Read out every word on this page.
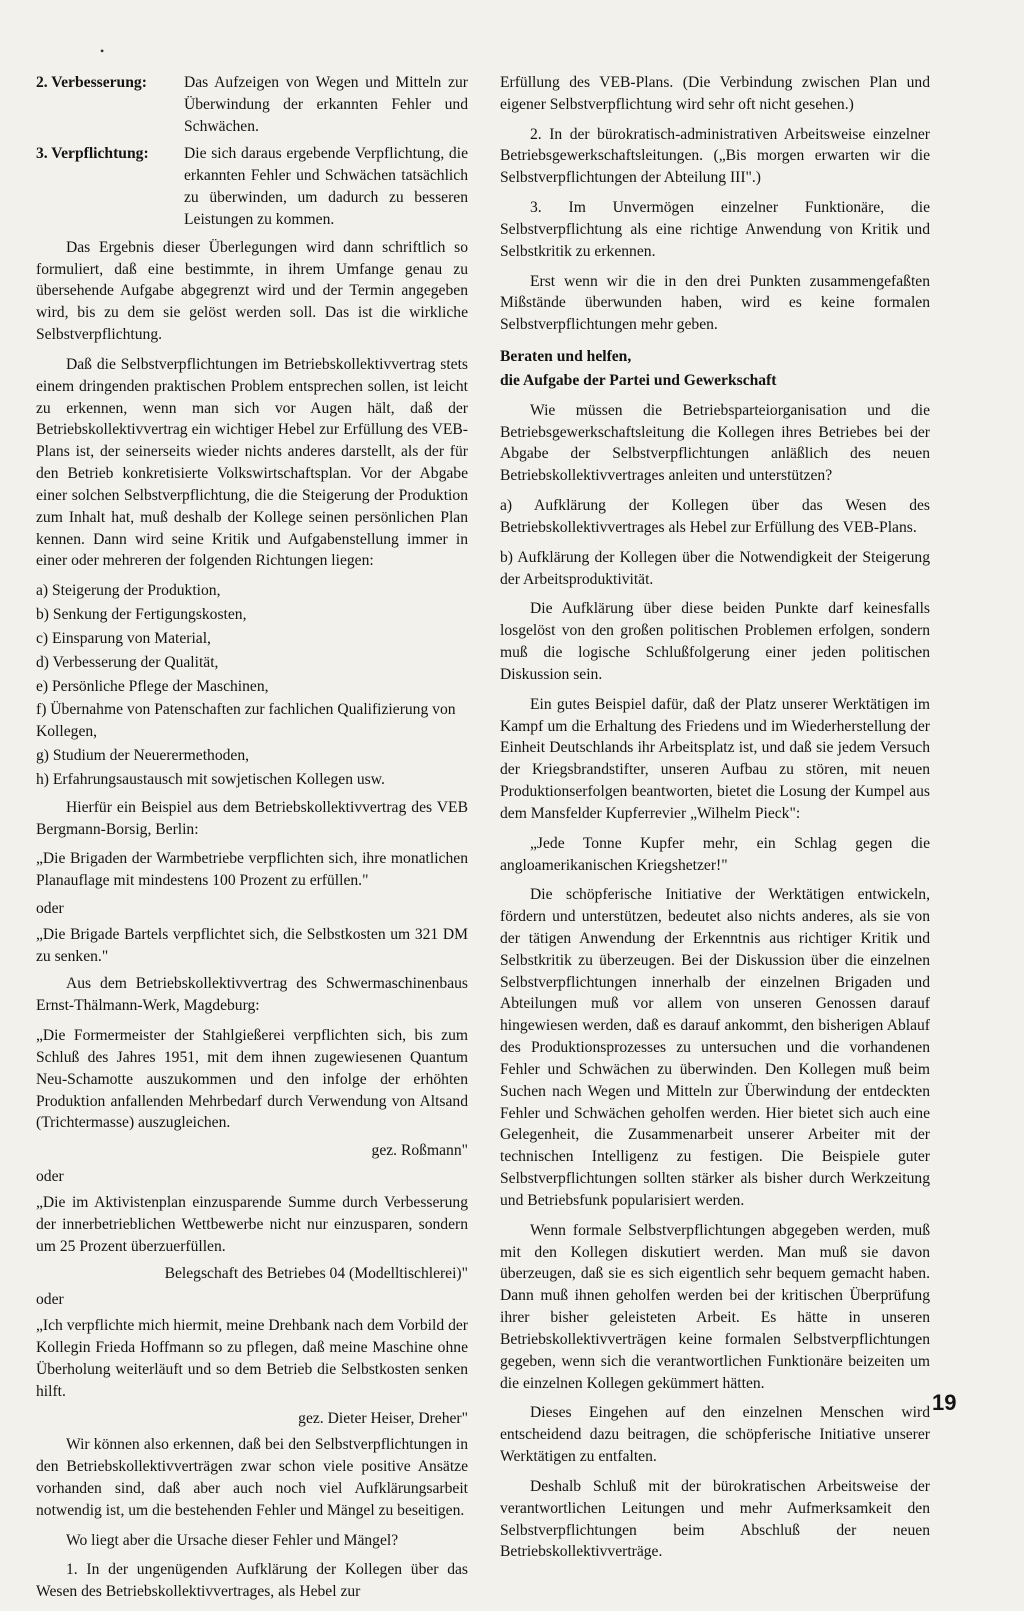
•
2. Verbesserung:	Das Aufzeigen von Wegen und Mitteln zur Überwindung der erkannten Fehler und Schwächen.
3. Verpflichtung:	Die sich daraus ergebende Verpflichtung, die erkannten Fehler und Schwächen tatsächlich zu überwinden, um dadurch zu besseren Leistungen zu kommen.

Das Ergebnis dieser Überlegungen wird dann schriftlich so formuliert, daß eine bestimmte, in ihrem Umfange genau zu übersehende Aufgabe abgegrenzt wird und der Termin angegeben wird, bis zu dem sie gelöst werden soll. Das ist die wirkliche Selbstverpflichtung.

Daß die Selbstverpflichtungen im Betriebskollektivvertrag stets einem dringenden praktischen Problem entsprechen sollen, ist leicht zu erkennen, wenn man sich vor Augen hält, daß der Betriebskollektivvertrag ein wichtiger Hebel zur Erfüllung des VEB-Plans ist, der seinerseits wieder nichts anderes darstellt, als der für den Betrieb konkretisierte Volkswirtschaftsplan. Vor der Abgabe einer solchen Selbstverpflichtung, die die Steigerung der Produktion zum Inhalt hat, muß deshalb der Kollege seinen persönlichen Plan kennen. Dann wird seine Kritik und Aufgabenstellung immer in einer oder mehreren der folgenden Richtungen liegen:

a) Steigerung der Produktion,
b) Senkung der Fertigungskosten,
c) Einsparung von Material,
d) Verbesserung der Qualität,
e) Persönliche Pflege der Maschinen,
f) Übernahme von Patenschaften zur fachlichen Qualifizierung von Kollegen,
g) Studium der Neuerermethoden,
h) Erfahrungsaustausch mit sowjetischen Kollegen usw.

Hierfür ein Beispiel aus dem Betriebskollektivvertrag des VEB Bergmann-Borsig, Berlin:

„Die Brigaden der Warmbetriebe verpflichten sich, ihre monatlichen Planauflage mit mindestens 100 Prozent zu erfüllen."

oder

„Die Brigade Bartels verpflichtet sich, die Selbstkosten um 321 DM zu senken."

Aus dem Betriebskollektivvertrag des Schwermaschinenbaus Ernst-Thälmann-Werk, Magdeburg:

„Die Formermeister der Stahlgießerei verpflichten sich, bis zum Schluß des Jahres 1951, mit dem ihnen zugewiesenen Quantum Neu-Schamotte auszukommen und den infolge der erhöhten Produktion anfallenden Mehrbedarf durch Verwendung von Altsand (Trichtermasse) auszugleichen.

gez. Roßmann"

oder

„Die im Aktivistenplan einzusparende Summe durch Verbesserung der innerbetrieblichen Wettbewerbe nicht nur einzusparen, sondern um 25 Prozent überzuerfüllen.

Belegschaft des Betriebes 04 (Modelltischlerei)"

oder

„Ich verpflichte mich hiermit, meine Drehbank nach dem Vorbild der Kollegin Frieda Hoffmann so zu pflegen, daß meine Maschine ohne Überholung weiterläuft und so dem Betrieb die Selbstkosten senken hilft.

gez. Dieter Heiser, Dreher"

Wir können also erkennen, daß bei den Selbstverpflichtungen in den Betriebskollektivverträgen zwar schon viele positive Ansätze vorhanden sind, daß aber auch noch viel Aufklärungsarbeit notwendig ist, um die bestehenden Fehler und Mängel zu beseitigen.

Wo liegt aber die Ursache dieser Fehler und Mängel?

1. In der ungenügenden Aufklärung der Kollegen über das Wesen des Betriebskollektivvertrages, als Hebel zur

Erfüllung des VEB-Plans. (Die Verbindung zwischen Plan und eigener Selbstverpflichtung wird sehr oft nicht gesehen.)

2. In der bürokratisch-administrativen Arbeitsweise einzelner Betriebsgewerkschaftsleitungen. („Bis morgen erwarten wir die Selbstverpflichtungen der Abteilung III".)

3. Im Unvermögen einzelner Funktionäre, die Selbstverpflichtung als eine richtige Anwendung von Kritik und Selbstkritik zu erkennen.

Erst wenn wir die in den drei Punkten zusammengefaßten Mißstände überwunden haben, wird es keine formalen Selbstverpflichtungen mehr geben.

Beraten und helfen,
die Aufgabe der Partei und Gewerkschaft

Wie müssen die Betriebsparteiorganisation und die Betriebsgewerkschaftsleitung die Kollegen ihres Betriebes bei der Abgabe der Selbstverpflichtungen anläßlich des neuen Betriebskollektivvertrages anleiten und unterstützen?

a) Aufklärung der Kollegen über das Wesen des Betriebskollektivvertrages als Hebel zur Erfüllung des VEB-Plans.

b) Aufklärung der Kollegen über die Notwendigkeit der Steigerung der Arbeitsproduktivität.

Die Aufklärung über diese beiden Punkte darf keinesfalls losgelöst von den großen politischen Problemen erfolgen, sondern muß die logische Schlußfolgerung einer jeden politischen Diskussion sein.

Ein gutes Beispiel dafür, daß der Platz unserer Werktätigen im Kampf um die Erhaltung des Friedens und im Wiederherstellung der Einheit Deutschlands ihr Arbeitsplatz ist, und daß sie jedem Versuch der Kriegsbrandstifter, unseren Aufbau zu stören, mit neuen Produktionserfolgen beantworten, bietet die Losung der Kumpel aus dem Mansfelder Kupferrevier „Wilhelm Pieck":

„Jede Tonne Kupfer mehr, ein Schlag gegen die angloamerikanischen Kriegshetzer!"

Die schöpferische Initiative der Werktätigen entwickeln, fördern und unterstützen, bedeutet also nichts anderes, als sie von der tätigen Anwendung der Erkenntnis aus richtiger Kritik und Selbstkritik zu überzeugen. Bei der Diskussion über die einzelnen Selbstverpflichtungen innerhalb der einzelnen Brigaden und Abteilungen muß vor allem von unseren Genossen darauf hingewiesen werden, daß es darauf ankommt, den bisherigen Ablauf des Produktionsprozesses zu untersuchen und die vorhandenen Fehler und Schwächen zu überwinden. Den Kollegen muß beim Suchen nach Wegen und Mitteln zur Überwindung der entdeckten Fehler und Schwächen geholfen werden. Hier bietet sich auch eine Gelegenheit, die Zusammenarbeit unserer Arbeiter mit der technischen Intelligenz zu festigen. Die Beispiele guter Selbstverpflichtungen sollten stärker als bisher durch Werkzeitung und Betriebsfunk popularisiert werden.

Wenn formale Selbstverpflichtungen abgegeben werden, muß mit den Kollegen diskutiert werden. Man muß sie davon überzeugen, daß sie es sich eigentlich sehr bequem gemacht haben. Dann muß ihnen geholfen werden bei der kritischen Überprüfung ihrer bisher geleisteten Arbeit. Es hätte in unseren Betriebskollektivverträgen keine formalen Selbstverpflichtungen gegeben, wenn sich die verantwortlichen Funktionäre beizeiten um die einzelnen Kollegen gekümmert hätten.

Dieses Eingehen auf den einzelnen Menschen wird entscheidend dazu beitragen, die schöpferische Initiative unserer Werktätigen zu entfalten.

Deshalb Schluß mit der bürokratischen Arbeitsweise der verantwortlichen Leitungen und mehr Aufmerksamkeit den Selbstverpflichtungen beim Abschluß der neuen Betriebskollektivverträge.

19
